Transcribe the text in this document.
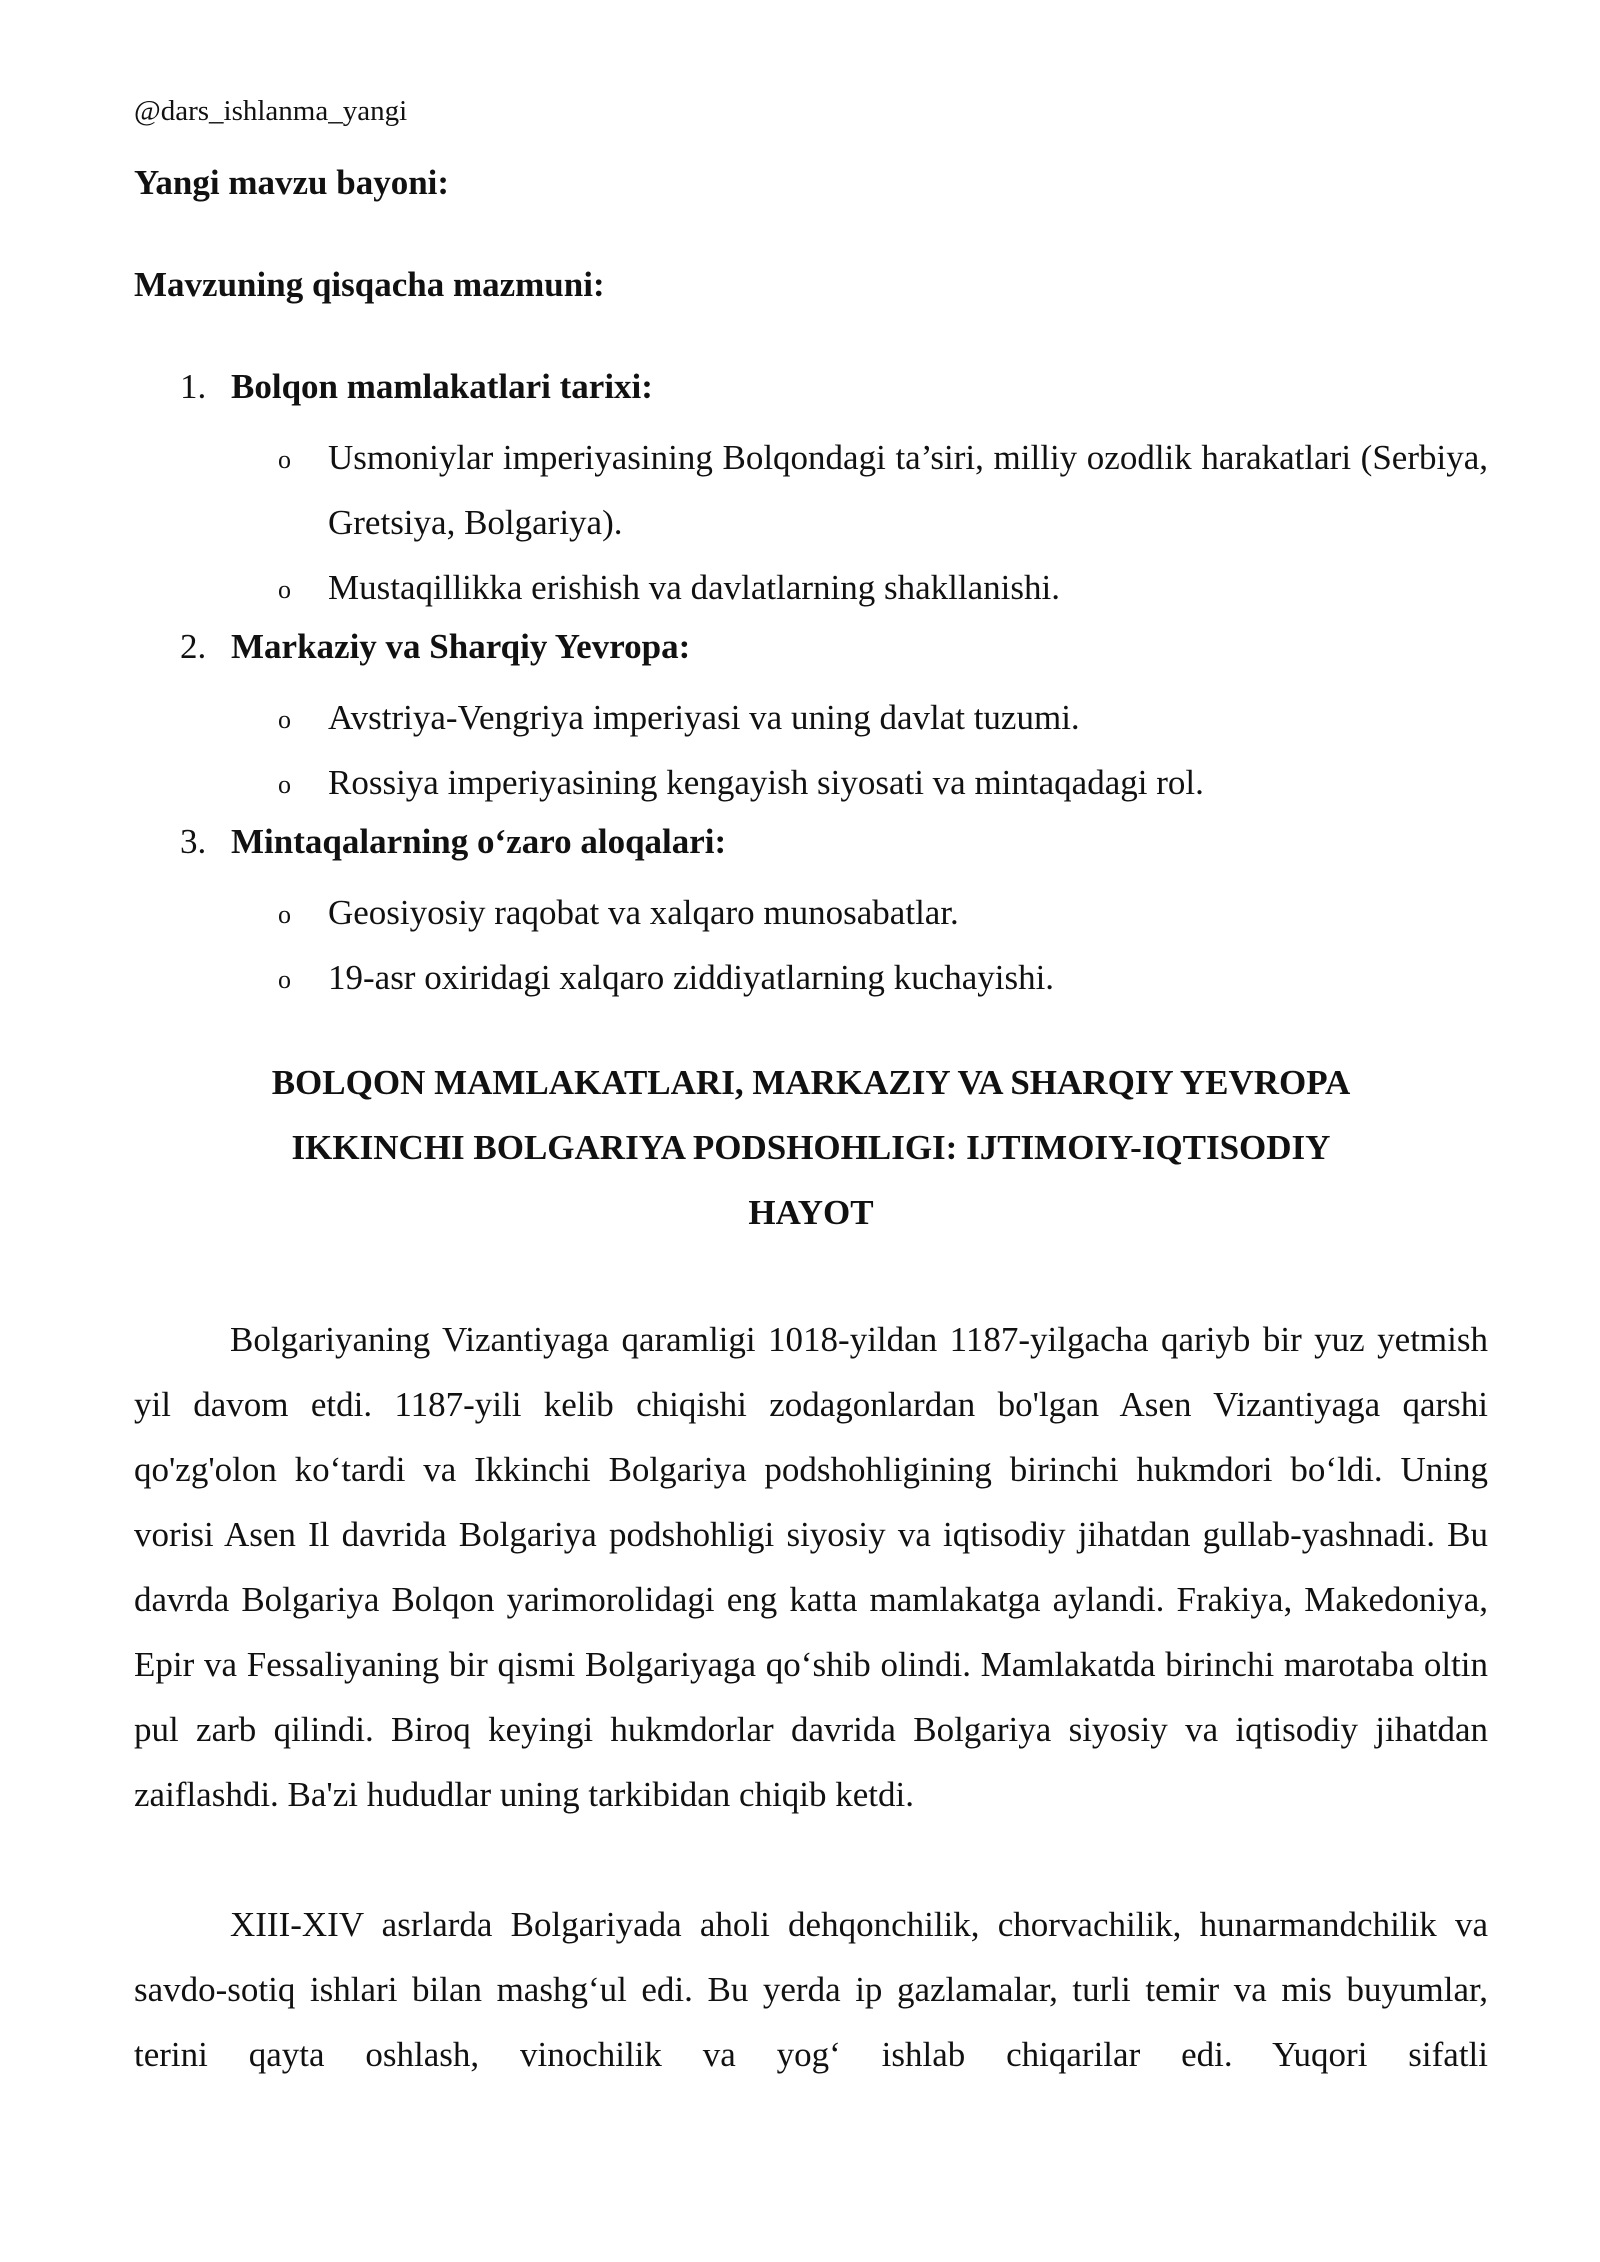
@dars_ishlanma_yangi
Yangi mavzu bayoni:
Mavzuning qisqacha mazmuni:
1. Bolqon mamlakatlari tarixi:
o Usmoniylar imperiyasining Bolqondagi ta’siri, milliy ozodlik harakatlari (Serbiya, Gretsiya, Bolgariya).
o Mustaqillikka erishish va davlatlarning shakllanishi.
2. Markaziy va Sharqiy Yevropa:
o Avstriya-Vengriya imperiyasi va uning davlat tuzumi.
o Rossiya imperiyasining kengayish siyosati va mintaqadagi rol.
3. Mintaqalarning o‘zaro aloqalari:
o Geosiyosiy raqobat va xalqaro munosabatlar.
o 19-asr oxiridagi xalqaro ziddiyatlarning kuchayishi.
BOLQON MAMLAKATLARI, MARKAZIY VA SHARQIY YEVROPA
IKKINCHI BOLGARIYA PODSHOHLIGI: IJTIMOIY-IQTISODIY
HAYOT

Bolgariyaning Vizantiyaga qaramligi 1018-yildan 1187-yilgacha qariyb bir yuz yetmish yil davom etdi. 1187-yili kelib chiqishi zodagonlardan bo'lgan Asen Vizantiyaga qarshi qo'zg'olon ko‘tardi va Ikkinchi Bolgariya podshohligining birinchi hukmdori bo‘ldi. Uning vorisi Asen Il davrida Bolgariya podshohligi siyosiy va iqtisodiy jihatdan gullab-yashnadi. Bu davrda Bolgariya Bolqon yarimorolidagi eng katta mamlakatga aylandi. Frakiya, Makedoniya, Epir va Fessaliyaning bir qismi Bolgariyaga qo‘shib olindi. Mamlakatda birinchi marotaba oltin pul zarb qilindi. Biroq keyingi hukmdorlar davrida Bolgariya siyosiy va iqtisodiy jihatdan zaiflashdi. Ba'zi hududlar uning tarkibidan chiqib ketdi.

XIII-XIV asrlarda Bolgariyada aholi dehqonchilik, chorvachilik, hunarmandchilik va savdo-sotiq ishlari bilan mashg‘ul edi. Bu yerda ip gazlamalar, turli temir va mis buyumlar, terini qayta oshlash, vinochilik va yog‘ ishlab chiqarilar edi. Yuqori sifatli
